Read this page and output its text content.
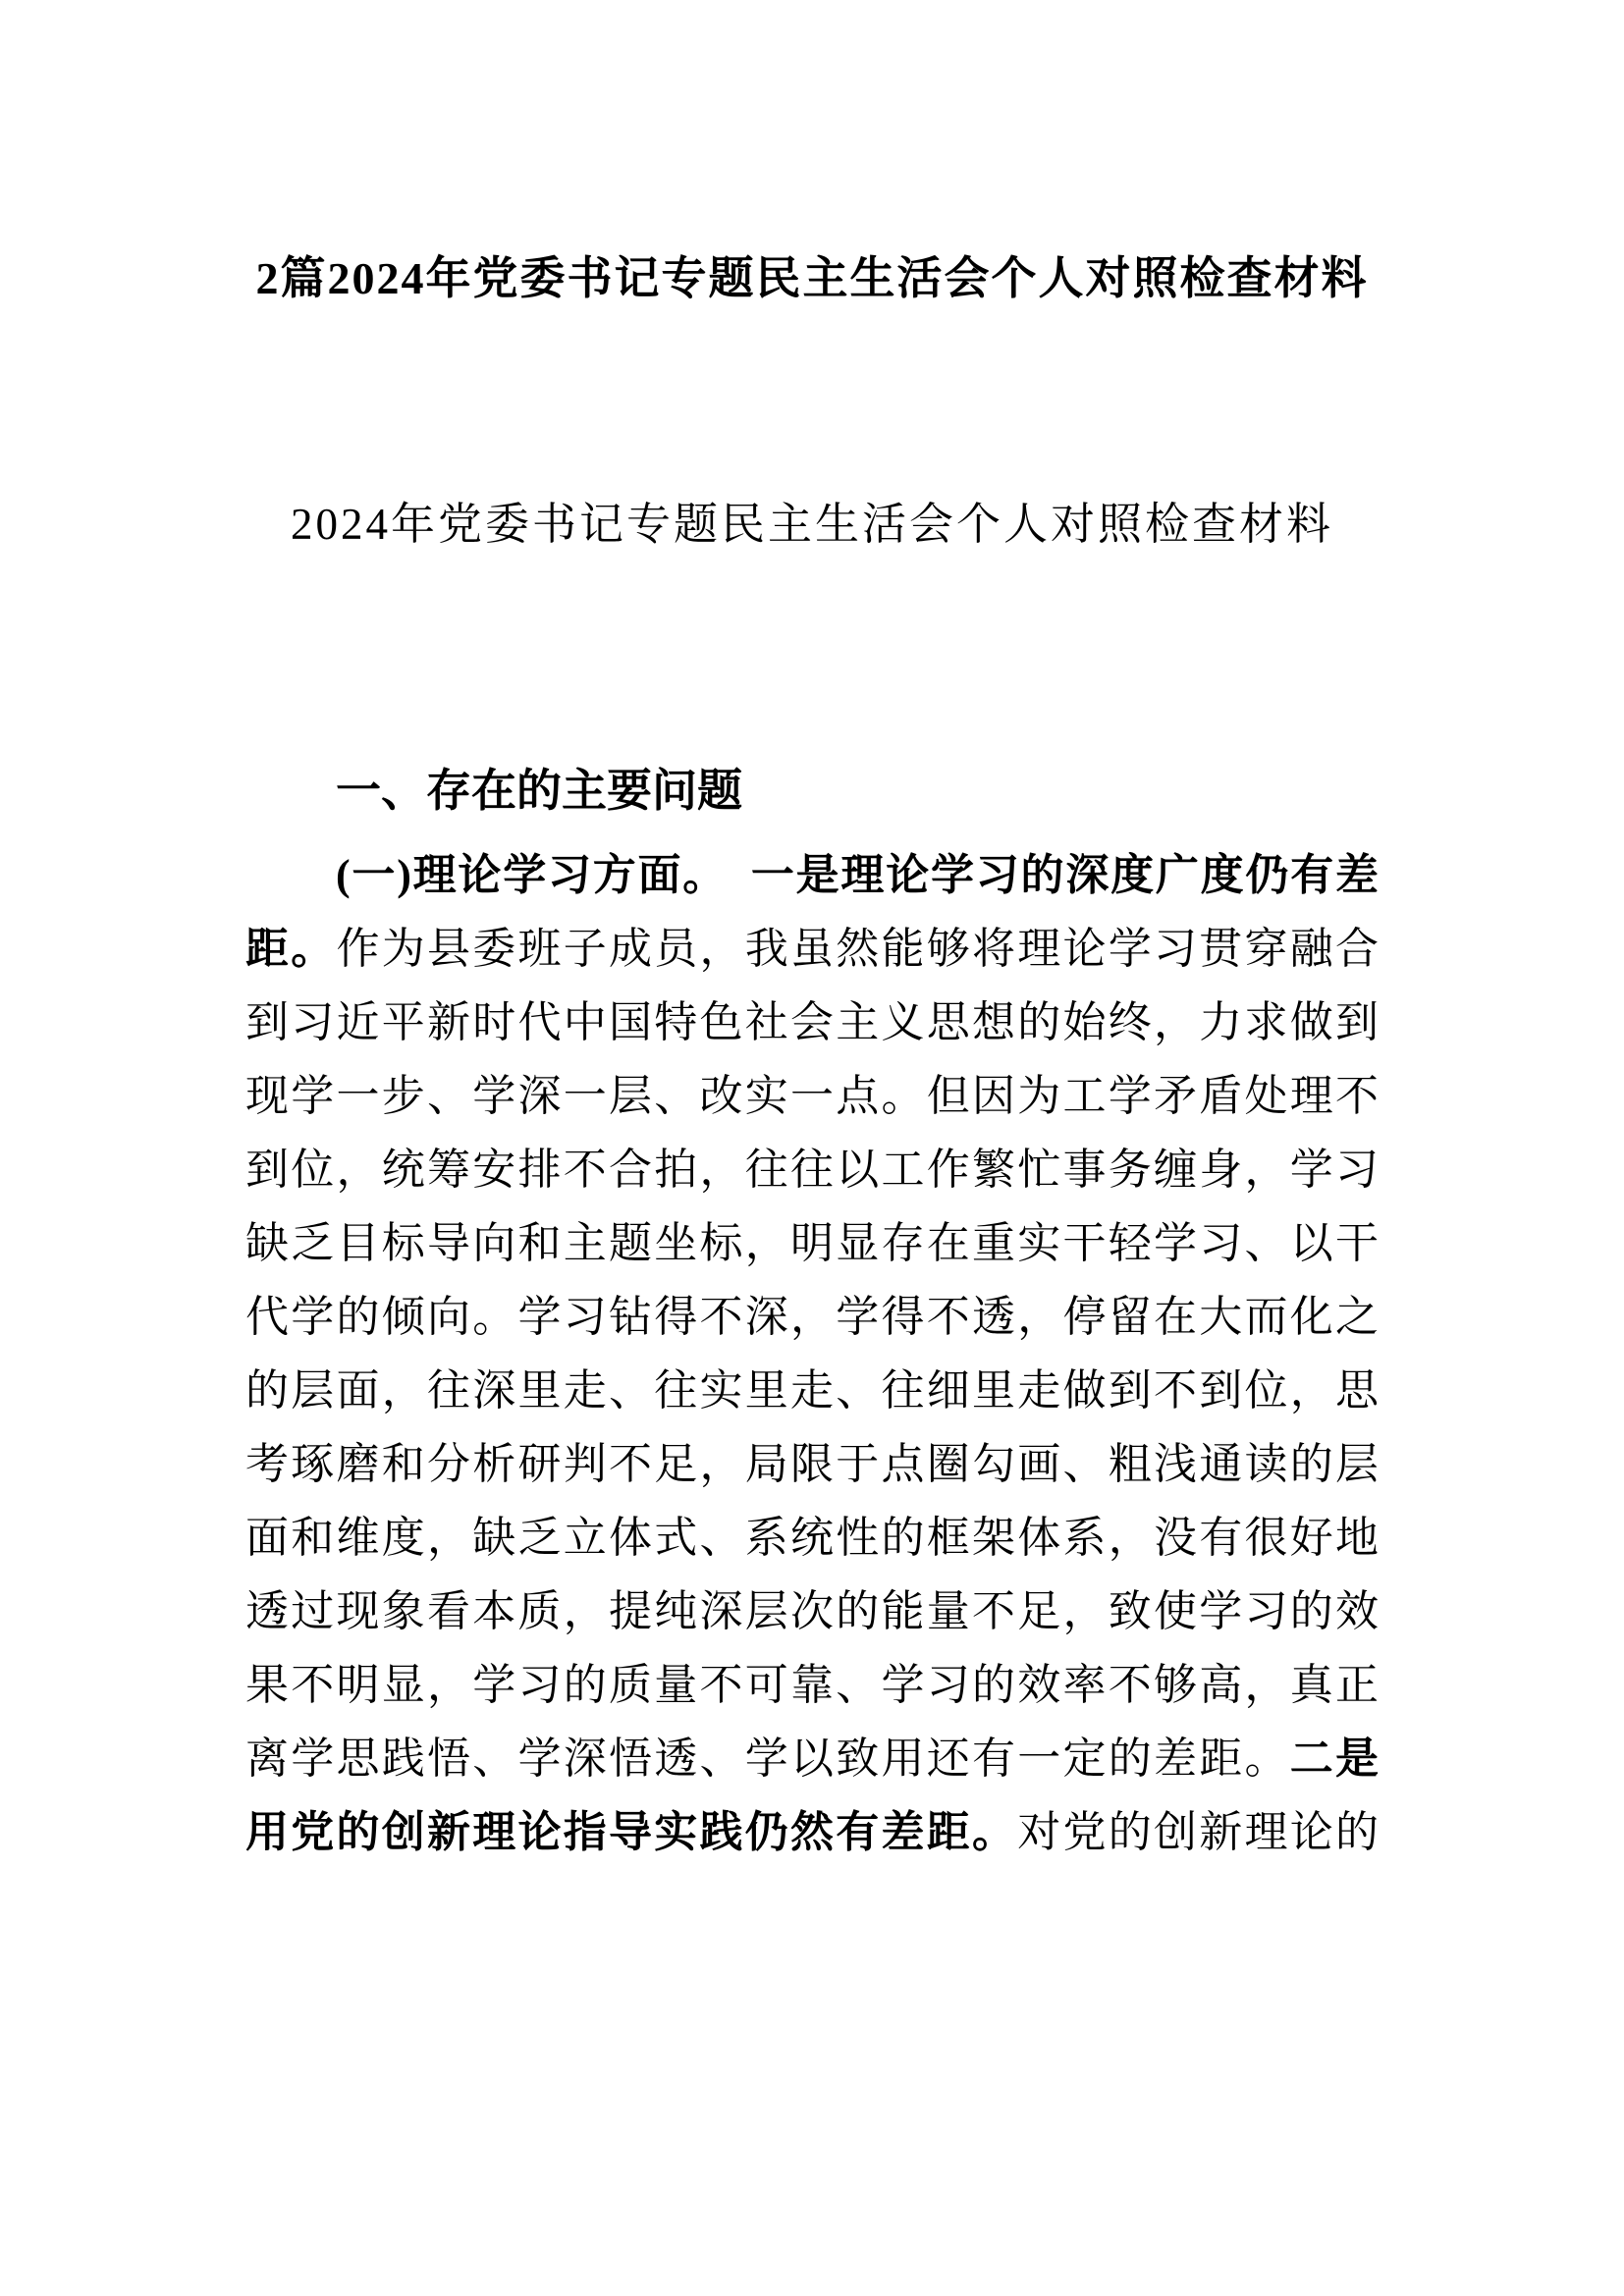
2篇2024年党委书记专题民主生活会个人对照检查材料
2024年党委书记专题民主生活会个人对照检查材料
一、存在的主要问题
(一)理论学习方面。　一是理论学习的深度广度仍有差
距。作为县委班子成员，我虽然能够将理论学习贯穿融合
到习近平新时代中国特色社会主义思想的始终，力求做到
现学一步、学深一层、改实一点。但因为工学矛盾处理不
到位，统筹安排不合拍，往往以工作繁忙事务缠身，学习
缺乏目标导向和主题坐标，明显存在重实干轻学习、以干
代学的倾向。学习钻得不深，学得不透，停留在大而化之
的层面，往深里走、往实里走、往细里走做到不到位，思
考琢磨和分析研判不足，局限于点圈勾画、粗浅通读的层
面和维度，缺乏立体式、系统性的框架体系，没有很好地
透过现象看本质，提纯深层次的能量不足，致使学习的效
果不明显，学习的质量不可靠、学习的效率不够高，真正
离学思践悟、学深悟透、学以致用还有一定的差距。二是
用党的创新理论指导实践仍然有差距。对党的创新理论的
